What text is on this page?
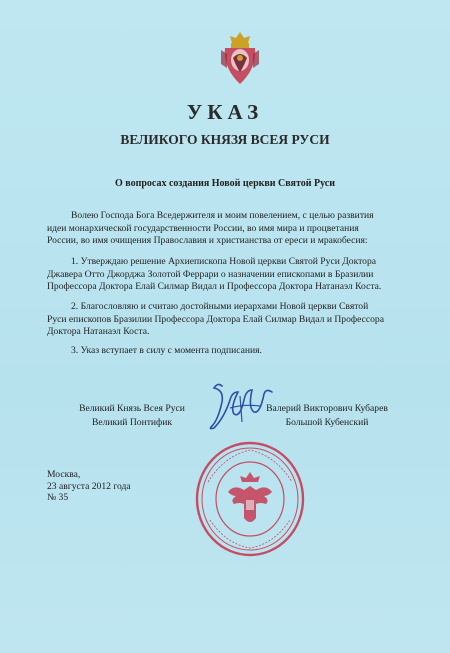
УКАЗ
ВЕЛИКОГО КНЯЗЯ ВСЕЯ РУСИ
О вопросах создания Новой церкви Святой Руси
Волею Господа Бога Вседержителя и моим повелением, с целью развития идеи монархической государственности России, во имя мира и процветания России, во имя очищения Православия и христианства от ереси и мракобесия:
1. Утверждаю решение Архиепископа Новой церкви Святой Руси Доктора Джавера Отто Джорджа Золотой Феррари о назначении епископами в Бразилии Профессора Доктора Елай Силмар Видал и Профессора Доктора Натанаэл Коста.
2. Благословляю и считаю достойными иерархами Новой церкви Святой Руси епископов Бразилии Профессора Доктора Елай Силмар Видал и Профессора Доктора Натанаэл Коста.
3. Указ вступает в силу с момента подписания.
Великий Князь Всея Руси
Великий Понтифик
Валерий Викторович Кубарев
Большой Кубенский
Москва,
23 августа 2012 года
№ 35
